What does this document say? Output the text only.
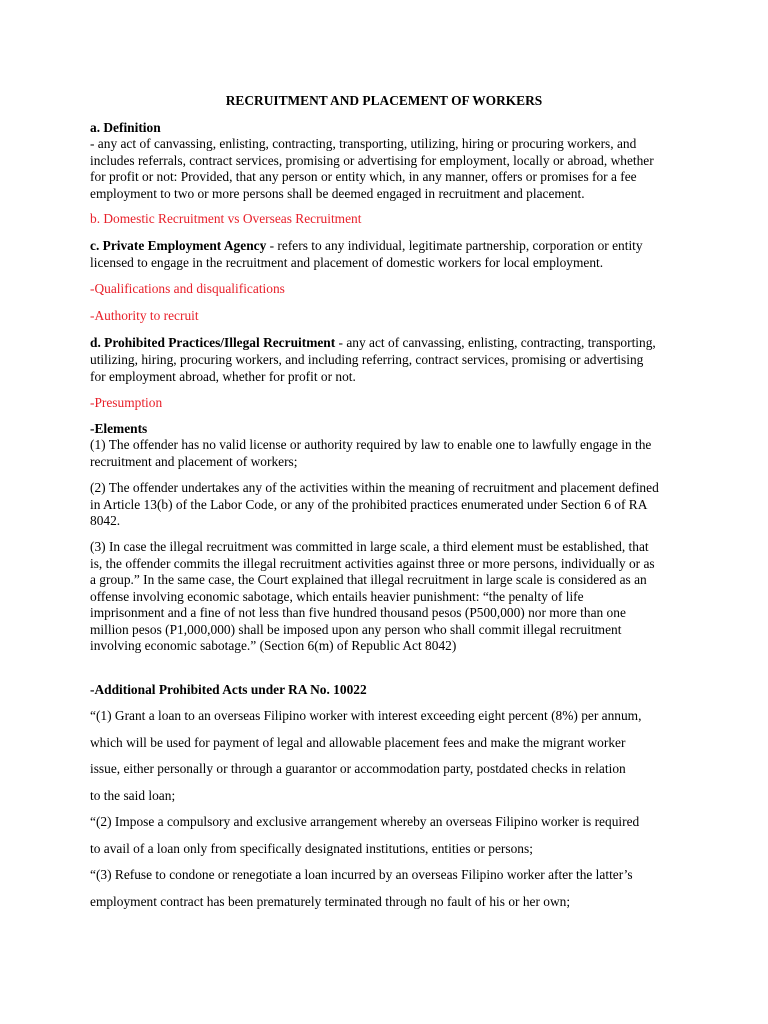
RECRUITMENT AND PLACEMENT OF WORKERS

a. Definition

- any act of canvassing, enlisting, contracting, transporting, utilizing, hiring or procuring workers, and

includes referrals, contract services, promising or advertising for employment, locally or abroad, whether

for profit or not: Provided, that any person or entity which, in any manner, offers or promises for a fee

employment to two or more persons shall be deemed engaged in recruitment and placement.

b. Domestic Recruitment vs Overseas Recruitment

c. Private Employment Agency - refers to any individual, legitimate partnership, corporation or entity

licensed to engage in the recruitment and placement of domestic workers for local employment.

-Qualifications and disqualifications

-Authority to recruit

d. Prohibited Practices/Illegal Recruitment - any act of canvassing, enlisting, contracting, transporting,

utilizing, hiring, procuring workers, and including referring, contract services, promising or advertising

for employment abroad, whether for profit or not.

-Presumption

-Elements

(1) The offender has no valid license or authority required by law to enable one to lawfully engage in the

recruitment and placement of workers;

(2) The offender undertakes any of the activities within the meaning of recruitment and placement defined

in Article 13(b) of the Labor Code, or any of the prohibited practices enumerated under Section 6 of RA

8042.

(3) In case the illegal recruitment was committed in large scale, a third element must be established, that

is, the offender commits the illegal recruitment activities against three or more persons, individually or as

a group.” In the same case, the Court explained that illegal recruitment in large scale is considered as an

offense involving economic sabotage, which entails heavier punishment: “the penalty of life

imprisonment and a fine of not less than five hundred thousand pesos (P500,000) nor more than one

million pesos (P1,000,000) shall be imposed upon any person who shall commit illegal recruitment

involving economic sabotage.” (Section 6(m) of Republic Act 8042)

-Additional Prohibited Acts under RA No. 10022

“(1) Grant a loan to an overseas Filipino worker with interest exceeding eight percent (8%) per annum,

which will be used for payment of legal and allowable placement fees and make the migrant worker

issue, either personally or through a guarantor or accommodation party, postdated checks in relation

to the said loan;

“(2) Impose a compulsory and exclusive arrangement whereby an overseas Filipino worker is required

to avail of a loan only from specifically designated institutions, entities or persons;

“(3) Refuse to condone or renegotiate a loan incurred by an overseas Filipino worker after the latter’s

employment contract has been prematurely terminated through no fault of his or her own;
